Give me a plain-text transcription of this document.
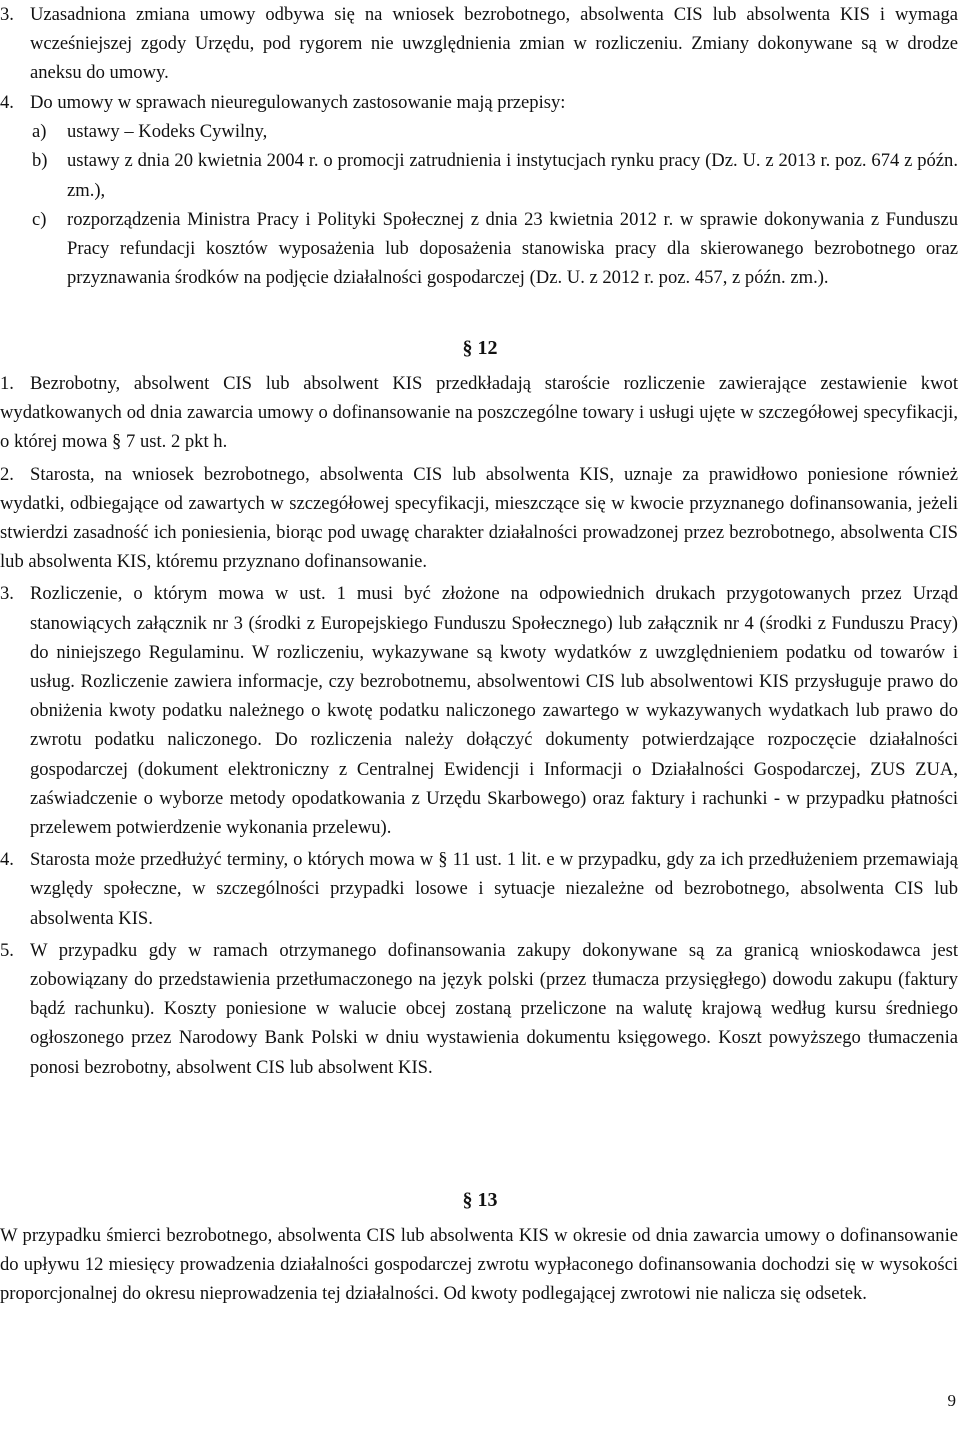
3. Uzasadniona zmiana umowy odbywa się na wniosek bezrobotnego, absolwenta CIS lub absolwenta KIS i wymaga wcześniejszej zgody Urzędu, pod rygorem nie uwzględnienia zmian w rozliczeniu. Zmiany dokonywane są w drodze aneksu do umowy.
4. Do umowy w sprawach nieuregulowanych zastosowanie mają przepisy:
a) ustawy – Kodeks Cywilny,
b) ustawy z dnia 20 kwietnia 2004 r. o promocji zatrudnienia i instytucjach rynku pracy (Dz. U. z 2013 r. poz. 674 z późn. zm.),
c) rozporządzenia Ministra Pracy i Polityki Społecznej z dnia 23 kwietnia 2012 r. w sprawie dokonywania z Funduszu Pracy refundacji kosztów wyposażenia lub doposażenia stanowiska pracy dla skierowanego bezrobotnego oraz przyznawania środków na podjęcie działalności gospodarczej (Dz. U. z 2012 r. poz. 457, z późn. zm.).
§ 12
1. Bezrobotny, absolwent CIS lub absolwent KIS przedkładają staroście rozliczenie zawierające zestawienie kwot wydatkowanych od dnia zawarcia umowy o dofinansowanie na poszczególne towary i usługi ujęte w szczegółowej specyfikacji, o której mowa § 7 ust. 2 pkt h.
2. Starosta, na wniosek bezrobotnego, absolwenta CIS lub absolwenta KIS, uznaje za prawidłowo poniesione również wydatki, odbiegające od zawartych w szczegółowej specyfikacji, mieszczące się w kwocie przyznanego dofinansowania, jeżeli stwierdzi zasadność ich poniesienia, biorąc pod uwagę charakter działalności prowadzonej przez bezrobotnego, absolwenta CIS lub absolwenta KIS, któremu przyznano dofinansowanie.
3. Rozliczenie, o którym mowa w ust. 1 musi być złożone na odpowiednich drukach przygotowanych przez Urząd stanowiących załącznik nr 3 (środki z Europejskiego Funduszu Społecznego) lub załącznik nr 4 (środki z Funduszu Pracy) do niniejszego Regulaminu. W rozliczeniu, wykazywane są kwoty wydatków z uwzględnieniem podatku od towarów i usług. Rozliczenie zawiera informacje, czy bezrobotnemu, absolwentowi CIS lub absolwentowi KIS przysługuje prawo do obniżenia kwoty podatku należnego o kwotę podatku naliczonego zawartego w wykazywanych wydatkach lub prawo do zwrotu podatku naliczonego. Do rozliczenia należy dołączyć dokumenty potwierdzające rozpoczęcie działalności gospodarczej (dokument elektroniczny z Centralnej Ewidencji i Informacji o Działalności Gospodarczej, ZUS ZUA, zaświadczenie o wyborze metody opodatkowania z Urzędu Skarbowego) oraz faktury i rachunki - w przypadku płatności przelewem potwierdzenie wykonania przelewu).
4. Starosta może przedłużyć terminy, o których mowa w § 11 ust. 1 lit. e w przypadku, gdy za ich przedłużeniem przemawiają względy społeczne, w szczególności przypadki losowe i sytuacje niezależne od bezrobotnego, absolwenta CIS lub absolwenta KIS.
5. W przypadku gdy w ramach otrzymanego dofinansowania zakupy dokonywane są za granicą wnioskodawca jest zobowiązany do przedstawienia przetłumaczonego na język polski (przez tłumacza przysięgłego) dowodu zakupu (faktury bądź rachunku). Koszty poniesione w walucie obcej zostaną przeliczone na walutę krajową według kursu średniego ogłoszonego przez Narodowy Bank Polski w dniu wystawienia dokumentu księgowego. Koszt powyższego tłumaczenia ponosi bezrobotny, absolwent CIS lub absolwent KIS.
§ 13
W przypadku śmierci bezrobotnego, absolwenta CIS lub absolwenta KIS w okresie od dnia zawarcia umowy o dofinansowanie do upływu 12 miesięcy prowadzenia działalności gospodarczej zwrotu wypłaconego dofinansowania dochodzi się w wysokości proporcjonalnej do okresu nieprowadzenia tej działalności. Od kwoty podlegającej zwrotowi nie nalicza się odsetek.
9
